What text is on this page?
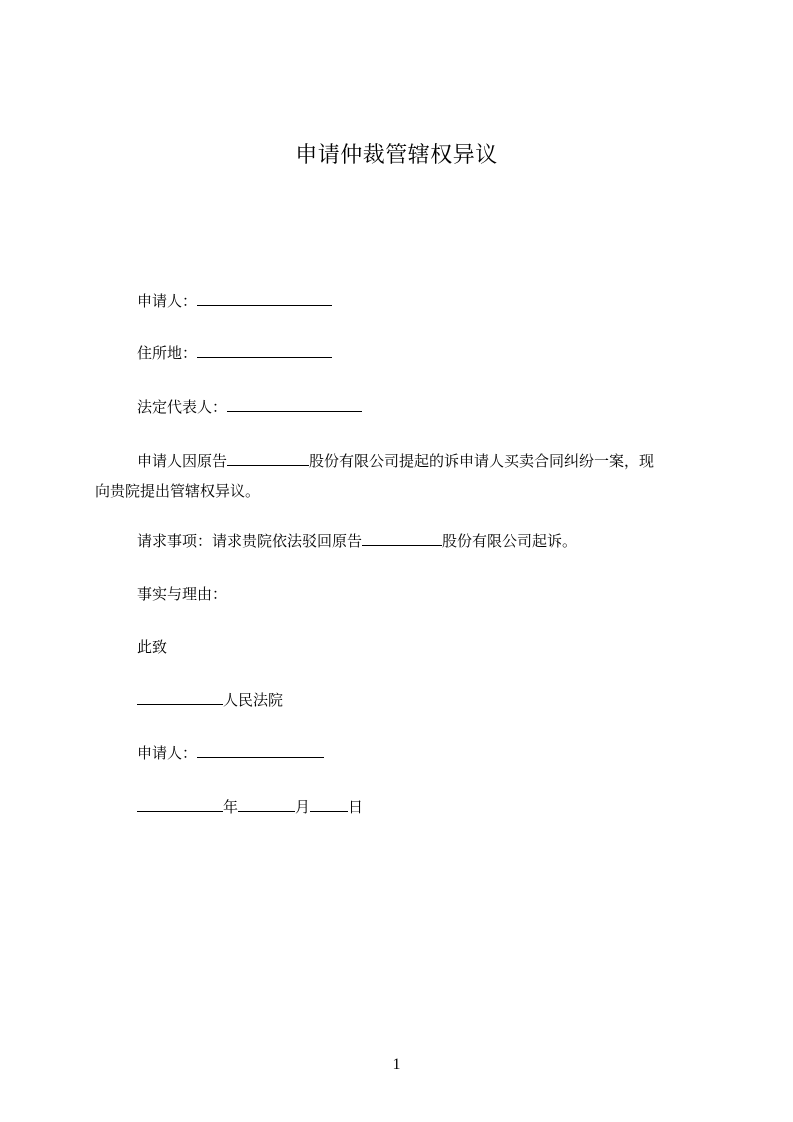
申请仲裁管辖权异议
申请人：
住所地：
法定代表人：
申请人因原告	股份有限公司提起的诉申请人买卖合同纠纷一案，现
向贵院提出管辖权异议。
请求事项：请求贵院依法驳回原告	股份有限公司起诉。
事实与理由：
此致
人民法院
申请人：
年	月	日
1
